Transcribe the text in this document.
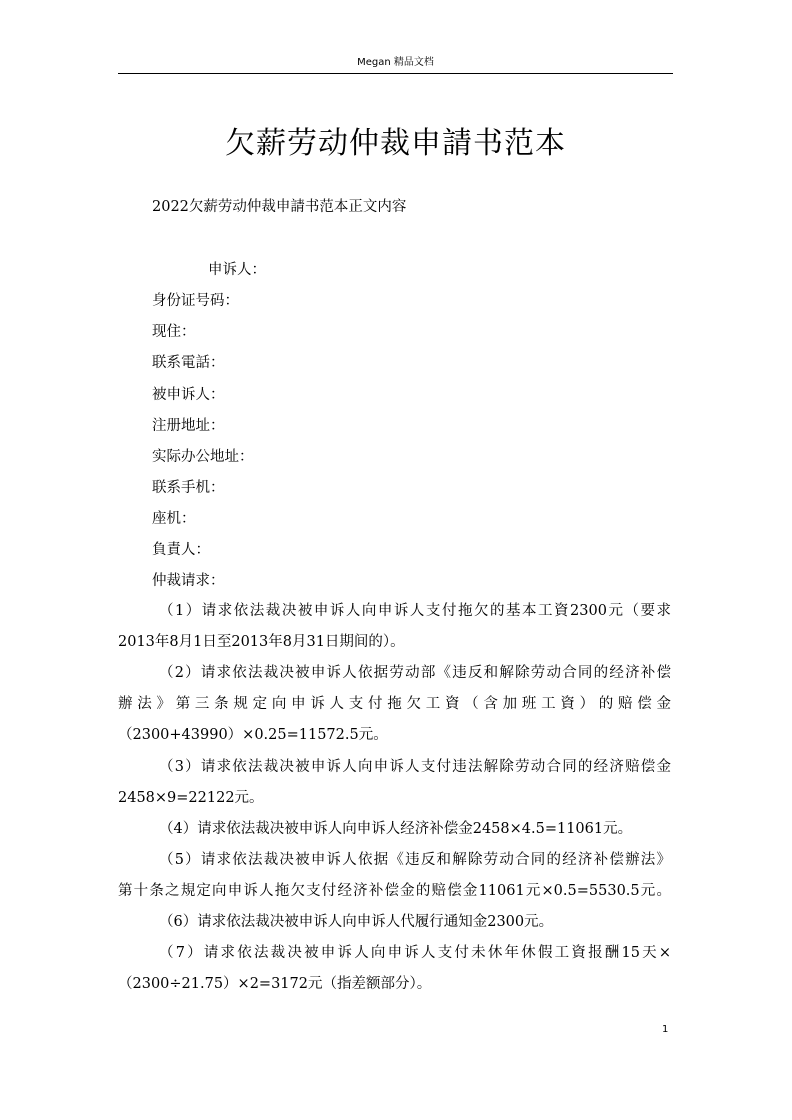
Megan 精品文档
欠薪劳动仲裁申請书范本
2022欠薪劳动仲裁申請书范本正文内容
申诉人：
身份证号码：
现住：
联系電話：
被申诉人：
注册地址：
实际办公地址：
联系手机：
座机：
負責人：
仲裁请求：
（1）请求依法裁决被申诉人向申诉人支付拖欠的基本工資2300元（要求
2013年8月1日至2013年8月31日期间的）。
（2）请求依法裁决被申诉人依据劳动部《违反和解除劳动合同的经济补偿
辦法》第三条规定向申诉人支付拖欠工資（含加班工資）的赔偿金
（2300+43990）×0.25=11572.5元。
（3）请求依法裁决被申诉人向申诉人支付违法解除劳动合同的经济赔偿金
2458×9=22122元。
（4）请求依法裁决被申诉人向申诉人经济补偿金2458×4.5=11061元。
（5）请求依法裁决被申诉人依据《违反和解除劳动合同的经济补偿辦法》
第十条之規定向申诉人拖欠支付经济补偿金的赔偿金11061元×0.5=5530.5元。
（6）请求依法裁决被申诉人向申诉人代履行通知金2300元。
（7）请求依法裁决被申诉人向申诉人支付未休年休假工資报酬15天×
（2300÷21.75）×2=3172元（指差额部分）。
1
